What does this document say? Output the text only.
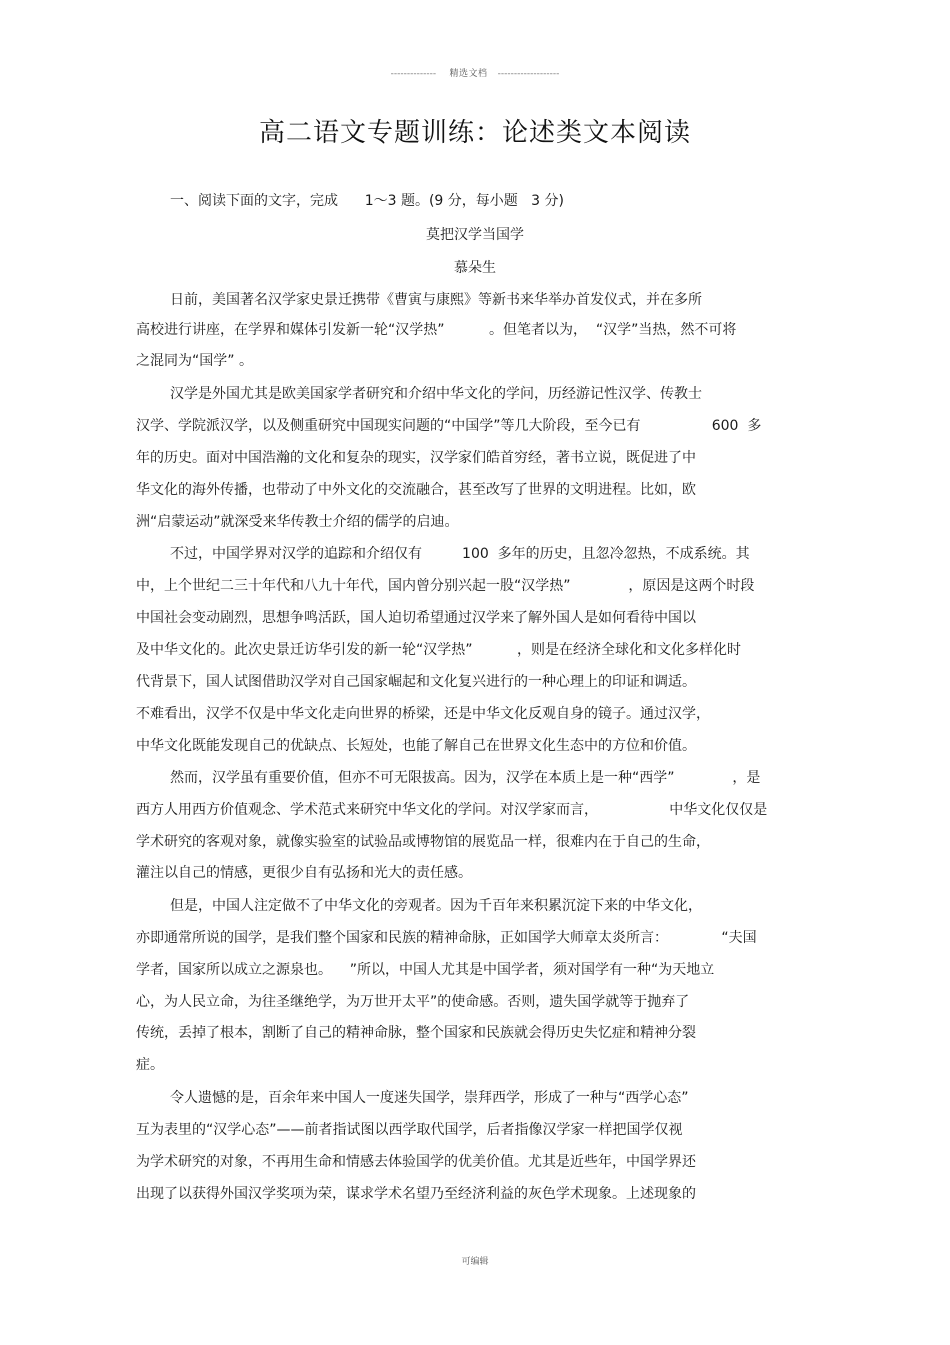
-------------- 精选文档 -------------------
高二语文专题训练：论述类文本阅读
一、阅读下面的文字，完成      1～3 题。(9 分，每小题   3 分)
莫把汉学当国学
慕朵生
日前，美国著名汉学家史景迁携带《曹寅与康熙》等新书来华举办首发仪式，并在多所
高校进行讲座，在学界和媒体引发新一轮“汉学热”          。但笔者以为，  “汉学”当热，然不可将
之混同为“国学” 。
汉学是外国尤其是欧美国家学者研究和介绍中华文化的学问，历经游记性汉学、传教士
汉学、学院派汉学，以及侧重研究中国现实问题的“中国学”等几大阶段，至今已有                600  多
年的历史。面对中国浩瀚的文化和复杂的现实，汉学家们皓首穷经，著书立说，既促进了中
华文化的海外传播，也带动了中外文化的交流融合，甚至改写了世界的文明进程。比如，欧
洲“启蒙运动”就深受来华传教士介绍的儒学的启迪。
不过，中国学界对汉学的追踪和介绍仅有         100  多年的历史，且忽冷忽热，不成系统。其
中，上个世纪二三十年代和八九十年代，国内曾分别兴起一股“汉学热”             ，原因是这两个时段
中国社会变动剧烈，思想争鸣活跃，国人迫切希望通过汉学来了解外国人是如何看待中国以
及中华文化的。此次史景迁访华引发的新一轮“汉学热”          ，则是在经济全球化和文化多样化时
代背景下，国人试图借助汉学对自己国家崛起和文化复兴进行的一种心理上的印证和调适。
不难看出，汉学不仅是中华文化走向世界的桥梁，还是中华文化反观自身的镜子。通过汉学，
中华文化既能发现自己的优缺点、长短处，也能了解自己在世界文化生态中的方位和价值。
然而，汉学虽有重要价值，但亦不可无限拔高。因为，汉学在本质上是一种“西学”             ，是
西方人用西方价值观念、学术范式来研究中华文化的学问。对汉学家而言，                中华文化仅仅是
学术研究的客观对象，就像实验室的试验品或博物馆的展览品一样，很难内在于自己的生命，
灌注以自己的情感，更很少自有弘扬和光大的责任感。
但是，中国人注定做不了中华文化的旁观者。因为千百年来积累沉淀下来的中华文化，
亦即通常所说的国学，是我们整个国家和民族的精神命脉，正如国学大师章太炎所言：            “夫国
学者，国家所以成立之源泉也。    ”所以，中国人尤其是中国学者，须对国学有一种“为天地立
心，为人民立命，为往圣继绝学，为万世开太平”的使命感。否则，遗失国学就等于抛弃了
传统，丢掉了根本，割断了自己的精神命脉，整个国家和民族就会得历史失忆症和精神分裂
症。
令人遗憾的是，百余年来中国人一度迷失国学，崇拜西学，形成了一种与“西学心态”
互为表里的“汉学心态”——前者指试图以西学取代国学，后者指像汉学家一样把国学仅视
为学术研究的对象，不再用生命和情感去体验国学的优美价值。尤其是近些年，中国学界还
出现了以获得外国汉学奖项为荣，谋求学术名望乃至经济利益的灰色学术现象。上述现象的
可编辑
